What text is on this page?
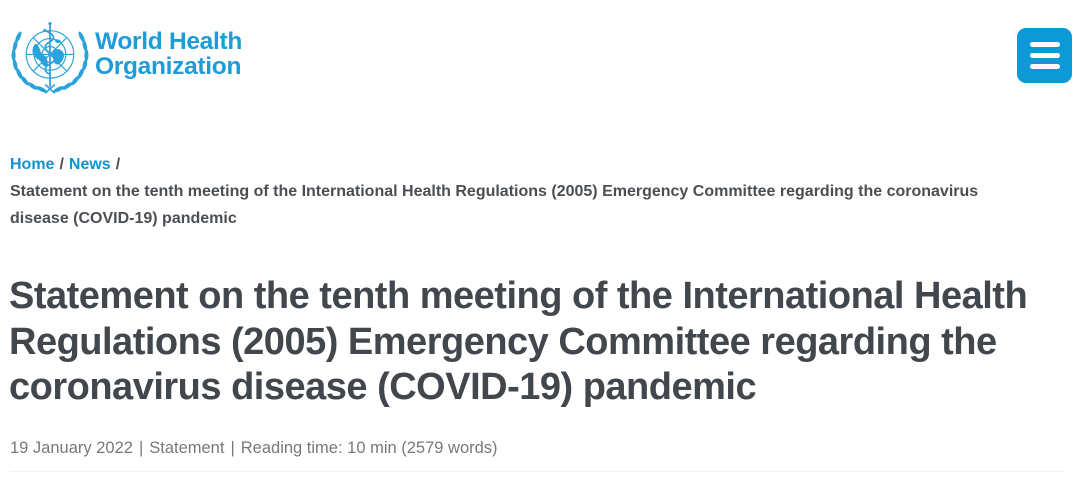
World Health
Organization
Home / News /Statement on the tenth meeting of the International Health Regulations (2005) Emergency Committee regarding the coronavirus disease (COVID-19) pandemic
Statement on the tenth meeting of the International Health Regulations (2005) Emergency Committee regarding the coronavirus disease (COVID-19) pandemic
19 January 2022 | Statement | Reading time: 10 min (2579 words)
